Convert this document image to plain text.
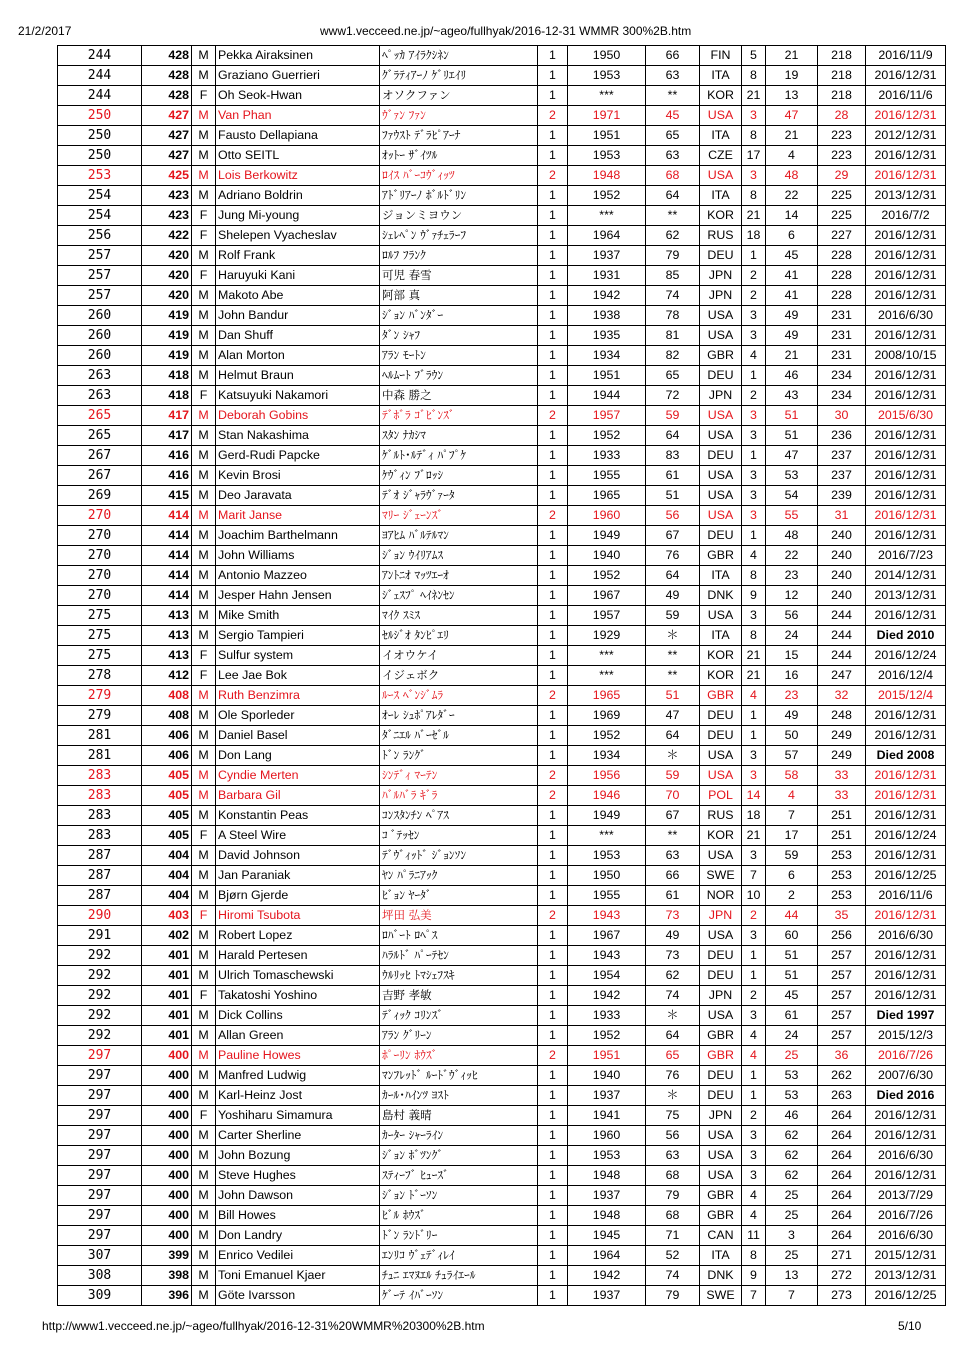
21/2/2017	www1.vecceed.ne.jp/~ageo/fullhyak/2016-12-31 WMMR 300%2B.htm
244	428	M	Pekka Airaksinen	ﾍﾟｯｶ ｱｲﾗｸｼﾈﾝ	1	1950	66	FIN	5	21	218	2016/11/9
244	428	M	Graziano Guerrieri	ｸﾞﾗﾃｨｱｰﾉ ｹﾞﾘｴｲﾘ	1	1953	63	ITA	8	19	218	2016/12/31
244	428	F	Oh Seok-Hwan	オソクファン	1	***	**	KOR	21	13	218	2016/11/6
250	427	M	Van Phan	ｳﾞｧﾝ ﾌｧﾝ	2	1971	45	USA	3	47	28	2016/12/31
250	427	M	Fausto Dellapiana	ﾌｧｳｽﾄ ﾃﾞﾗﾋﾟｱｰﾅ	1	1951	65	ITA	8	21	223	2012/12/31
250	427	M	Otto SEITL	ｵｯﾄｰ ｻﾞｲﾂﾙ	1	1953	63	CZE	17	4	223	2016/12/31
253	425	M	Lois Berkowitz	ﾛｲｽ ﾊﾞｰｺｳﾞｨｯﾂ	2	1948	68	USA	3	48	29	2016/12/31
254	423	M	Adriano Boldrin	ｱﾄﾞﾘｱｰﾉ ﾎﾞﾙﾄﾞﾘﾝ	1	1952	64	ITA	8	22	225	2013/12/31
254	423	F	Jung Mi-young	ジョンミヨウン	1	***	**	KOR	21	14	225	2016/7/2
256	422	F	Shelepen Vyacheslav	ｼｪﾚﾍﾟﾝ ｳﾞｧﾁｪﾗｰﾌ	1	1964	62	RUS	18	6	227	2016/12/31
257	420	M	Rolf Frank	ﾛﾙﾌ ﾌﾗﾝｸ	1	1937	79	DEU	1	45	228	2016/12/31
257	420	F	Haruyuki Kani	可児 春雪	1	1931	85	JPN	2	41	228	2016/12/31
257	420	M	Makoto Abe	阿部 真	1	1942	74	JPN	2	41	228	2016/12/31
260	419	M	John Bandur	ｼﾞｮﾝ ﾊﾞﾝﾀﾞｰ	1	1938	78	USA	3	49	231	2016/6/30
260	419	M	Dan Shuff	ﾀﾞﾝ ｼｬﾌ	1	1935	81	USA	3	49	231	2016/12/31
260	419	M	Alan Morton	ｱﾗﾝ ﾓｰﾄﾝ	1	1934	82	GBR	4	21	231	2008/10/15
263	418	M	Helmut Braun	ﾍﾙﾑｰﾄ ﾌﾞﾗｳﾝ	1	1951	65	DEU	1	46	234	2016/12/31
263	418	F	Katsuyuki Nakamori	中森 勝之	1	1944	72	JPN	2	43	234	2016/12/31
265	417	M	Deborah Gobins	ﾃﾞﾎﾞﾗ ｺﾞﾋﾞﾝｽﾞ	2	1957	59	USA	3	51	30	2015/6/30
265	417	M	Stan Nakashima	ｽﾀﾝ ﾅｶｼﾏ	1	1952	64	USA	3	51	236	2016/12/31
267	416	M	Gerd-Rudi Papcke	ｹﾞﾙﾄ･ﾙﾃﾞｨ ﾊﾟﾌﾟｹ	1	1933	83	DEU	1	47	237	2016/12/31
267	416	M	Kevin Brosi	ｹｳﾞｨﾝ ﾌﾞﾛｯｼ	1	1955	61	USA	3	53	237	2016/12/31
269	415	M	Deo Jaravata	ﾃﾞｵ ｼﾞｬﾗｳﾞｧｰﾀ	1	1965	51	USA	3	54	239	2016/12/31
270	414	M	Marit Janse	ﾏﾘｰ ｼﾞｪｰﾝｽﾞ	2	1960	56	USA	3	55	31	2016/12/31
270	414	M	Joachim Barthelmann	ﾖｱﾋﾑ ﾊﾞﾙﾃﾙﾏﾝ	1	1949	67	DEU	1	48	240	2016/12/31
270	414	M	John Williams	ｼﾞｮﾝ ｳｲﾘｱﾑｽ	1	1940	76	GBR	4	22	240	2016/7/23
270	414	M	Antonio Mazzeo	ｱﾝﾄﾆｵ ﾏｯﾂｴｰｵ	1	1952	64	ITA	8	23	240	2014/12/31
270	414	M	Jesper Hahn Jensen	ｼﾞｪｽﾌﾟ ﾍｲﾈﾝｾﾝ	1	1967	49	DNK	9	12	240	2013/12/31
275	413	M	Mike Smith	ﾏｲｸ ｽﾐｽ	1	1957	59	USA	3	56	244	2016/12/31
275	413	M	Sergio Tampieri	ｾﾙｼﾞｵ ﾀﾝﾋﾟｴﾘ	1	1929	＊	ITA	8	24	244	Died 2010
275	413	F	Sulfur system	イオウケイ	1	***	**	KOR	21	15	244	2016/12/24
278	412	F	Lee Jae Bok	イジェボク	1	***	**	KOR	21	16	247	2016/12/4
279	408	M	Ruth Benzimra	ﾙｰｽ ﾍﾞﾝｼﾞﾑﾗ	2	1965	51	GBR	4	23	32	2015/12/4
279	408	M	Ole Sporleder	ｵｰﾚ ｼｭﾎﾟｱﾚﾀﾞｰ	1	1969	47	DEU	1	49	248	2016/12/31
281	406	M	Daniel Basel	ﾀﾞﾆｴﾙ ﾊﾞｰｾﾞﾙ	1	1952	64	DEU	1	50	249	2016/12/31
281	406	M	Don Lang	ﾄﾞﾝ ﾗﾝｸﾞ	1	1934	＊	USA	3	57	249	Died 2008
283	405	M	Cyndie Merten	ｼﾝﾃﾞｨ ﾏｰﾃﾝ	2	1956	59	USA	3	58	33	2016/12/31
283	405	M	Barbara Gil	ﾊﾞﾙﾊﾞﾗ ｷﾞﾗ	2	1946	70	POL	14	4	33	2016/12/31
283	405	M	Konstantin Peas	ｺﾝｽﾀﾝﾁﾝ ﾍﾟｱｽ	1	1949	67	RUS	18	7	251	2016/12/31
283	405	F	A Steel Wire	ｺ ﾞﾃｯｾﾝ	1	***	**	KOR	21	17	251	2016/12/24
287	404	M	David Johnson	ﾃﾞｳﾞｨｯﾄﾞ ｼﾞｮﾝｿﾝ	1	1953	63	USA	3	59	253	2016/12/31
287	404	M	Jan Paraniak	ﾔﾝ ﾊﾟﾗﾆｱｯｸ	1	1950	66	SWE	7	6	253	2016/12/25
287	404	M	Bjørn Gjerde	ﾋﾞｮﾝ ﾔｰﾀﾞ	1	1955	61	NOR	10	2	253	2016/11/6
290	403	F	Hiromi Tsubota	坪田 弘美	2	1943	73	JPN	2	44	35	2016/12/31
291	402	M	Robert Lopez	ﾛﾊﾞｰﾄ ﾛﾍﾟｽ	1	1967	49	USA	3	60	256	2016/6/30
292	401	M	Harald Pertesen	ﾊﾗﾙﾄﾞ ﾊﾟｰﾃｾﾝ	1	1943	73	DEU	1	51	257	2016/12/31
292	401	M	Ulrich Tomaschewski	ｳﾙﾘｯﾋ ﾄﾏｼｪﾌｽｷ	1	1954	62	DEU	1	51	257	2016/12/31
292	401	F	Takatoshi Yoshino	吉野 孝敏	1	1942	74	JPN	2	45	257	2016/12/31
292	401	M	Dick Collins	ﾃﾞｨｯｸ ｺﾘﾝｽﾞ	1	1933	＊	USA	3	61	257	Died 1997
292	401	M	Allan Green	ｱﾗﾝ ｸﾞﾘｰﾝ	1	1952	64	GBR	4	24	257	2015/12/3
297	400	M	Pauline Howes	ﾎﾟｰﾘﾝ ﾎｳｽﾞ	2	1951	65	GBR	4	25	36	2016/7/26
297	400	M	Manfred Ludwig	ﾏﾝﾌﾚｯﾄﾞ ﾙｰﾄﾞｳﾞｨｯﾋ	1	1940	76	DEU	1	53	262	2007/6/30
297	400	M	Karl-Heinz Jost	ｶｰﾙ･ﾊｲﾝﾂ ﾖｽﾄ	1	1937	＊	DEU	1	53	263	Died 2016
297	400	F	Yoshiharu Simamura	島村 義晴	1	1941	75	JPN	2	46	264	2016/12/31
297	400	M	Carter Sherline	ｶｰﾀｰ ｼｬｰﾗｲﾝ	1	1960	56	USA	3	62	264	2016/12/31
297	400	M	John Bozung	ｼﾞｮﾝ ﾎﾞﾂﾝｸﾞ	1	1953	63	USA	3	62	264	2016/6/30
297	400	M	Steve Hughes	ｽﾃｨｰﾌﾞ ﾋｭｰｽﾞ	1	1948	68	USA	3	62	264	2016/12/31
297	400	M	John Dawson	ｼﾞｮﾝ ﾄﾞｰｿﾝ	1	1937	79	GBR	4	25	264	2013/7/29
297	400	M	Bill Howes	ﾋﾞﾙ ﾎｳｽﾞ	1	1948	68	GBR	4	25	264	2016/7/26
297	400	M	Don Landry	ﾄﾞﾝ ﾗﾝﾄﾞﾘｰ	1	1945	71	CAN	11	3	264	2016/6/30
307	399	M	Enrico Vedilei	ｴﾝﾘｺ ｳﾞｪﾃﾞｨﾚｲ	1	1964	52	ITA	8	25	271	2015/12/31
308	398	M	Toni Emanuel Kjaer	ﾁｭﾆ ｴﾏﾇｴﾙ ﾁｭﾗｲｴｰﾙ	1	1942	74	DNK	9	13	272	2013/12/31
309	396	M	Göte Ivarsson	ｹﾞｰﾃ ｲﾊﾞｰｿﾝ	1	1937	79	SWE	7	7	273	2016/12/25
http://www1.vecceed.ne.jp/~ageo/fullhyak/2016-12-31%20WMMR%20300%2B.htm	5/10
